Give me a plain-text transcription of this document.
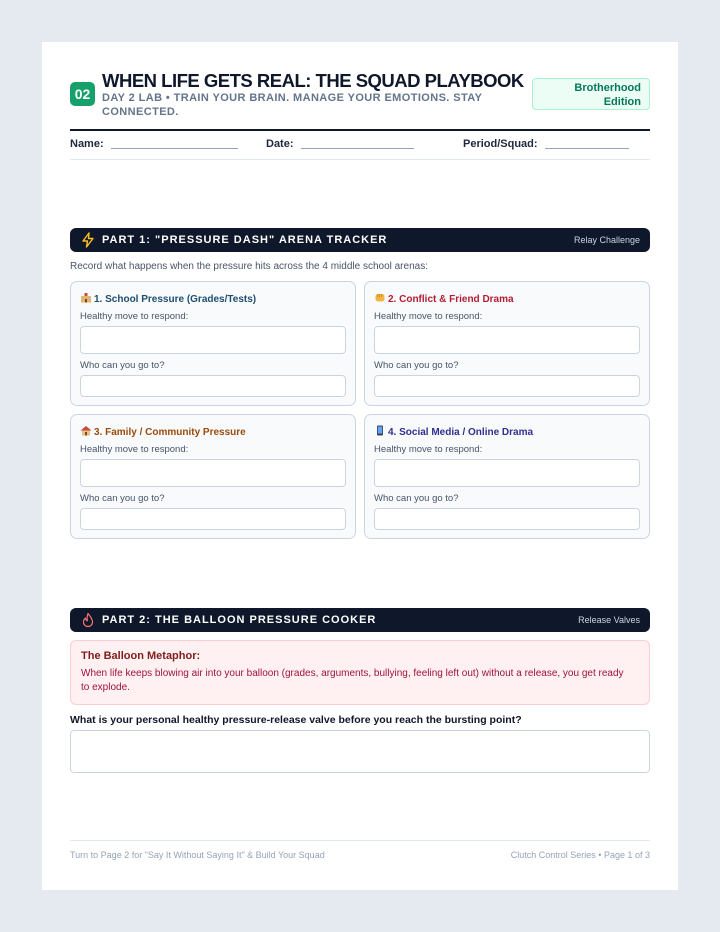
02
WHEN LIFE GETS REAL: THE SQUAD PLAYBOOK
DAY 2 LAB • TRAIN YOUR BRAIN. MANAGE YOUR EMOTIONS. STAY CONNECTED.
Brotherhood Edition
Name:	Date:	Period/Squad:
PART 1: "PRESSURE DASH" ARENA TRACKER	Relay Challenge
Record what happens when the pressure hits across the 4 middle school arenas:
1. School Pressure (Grades/Tests)
Healthy move to respond:
Who can you go to?
2. Conflict & Friend Drama
Healthy move to respond:
Who can you go to?
3. Family / Community Pressure
Healthy move to respond:
Who can you go to?
4. Social Media / Online Drama
Healthy move to respond:
Who can you go to?
PART 2: THE BALLOON PRESSURE COOKER	Release Valves
The Balloon Metaphor:
When life keeps blowing air into your balloon (grades, arguments, bullying, feeling left out) without a release, you get ready to explode.
What is your personal healthy pressure-release valve before you reach the bursting point?
Turn to Page 2 for "Say It Without Saying It" & Build Your Squad	Clutch Control Series • Page 1 of 3
